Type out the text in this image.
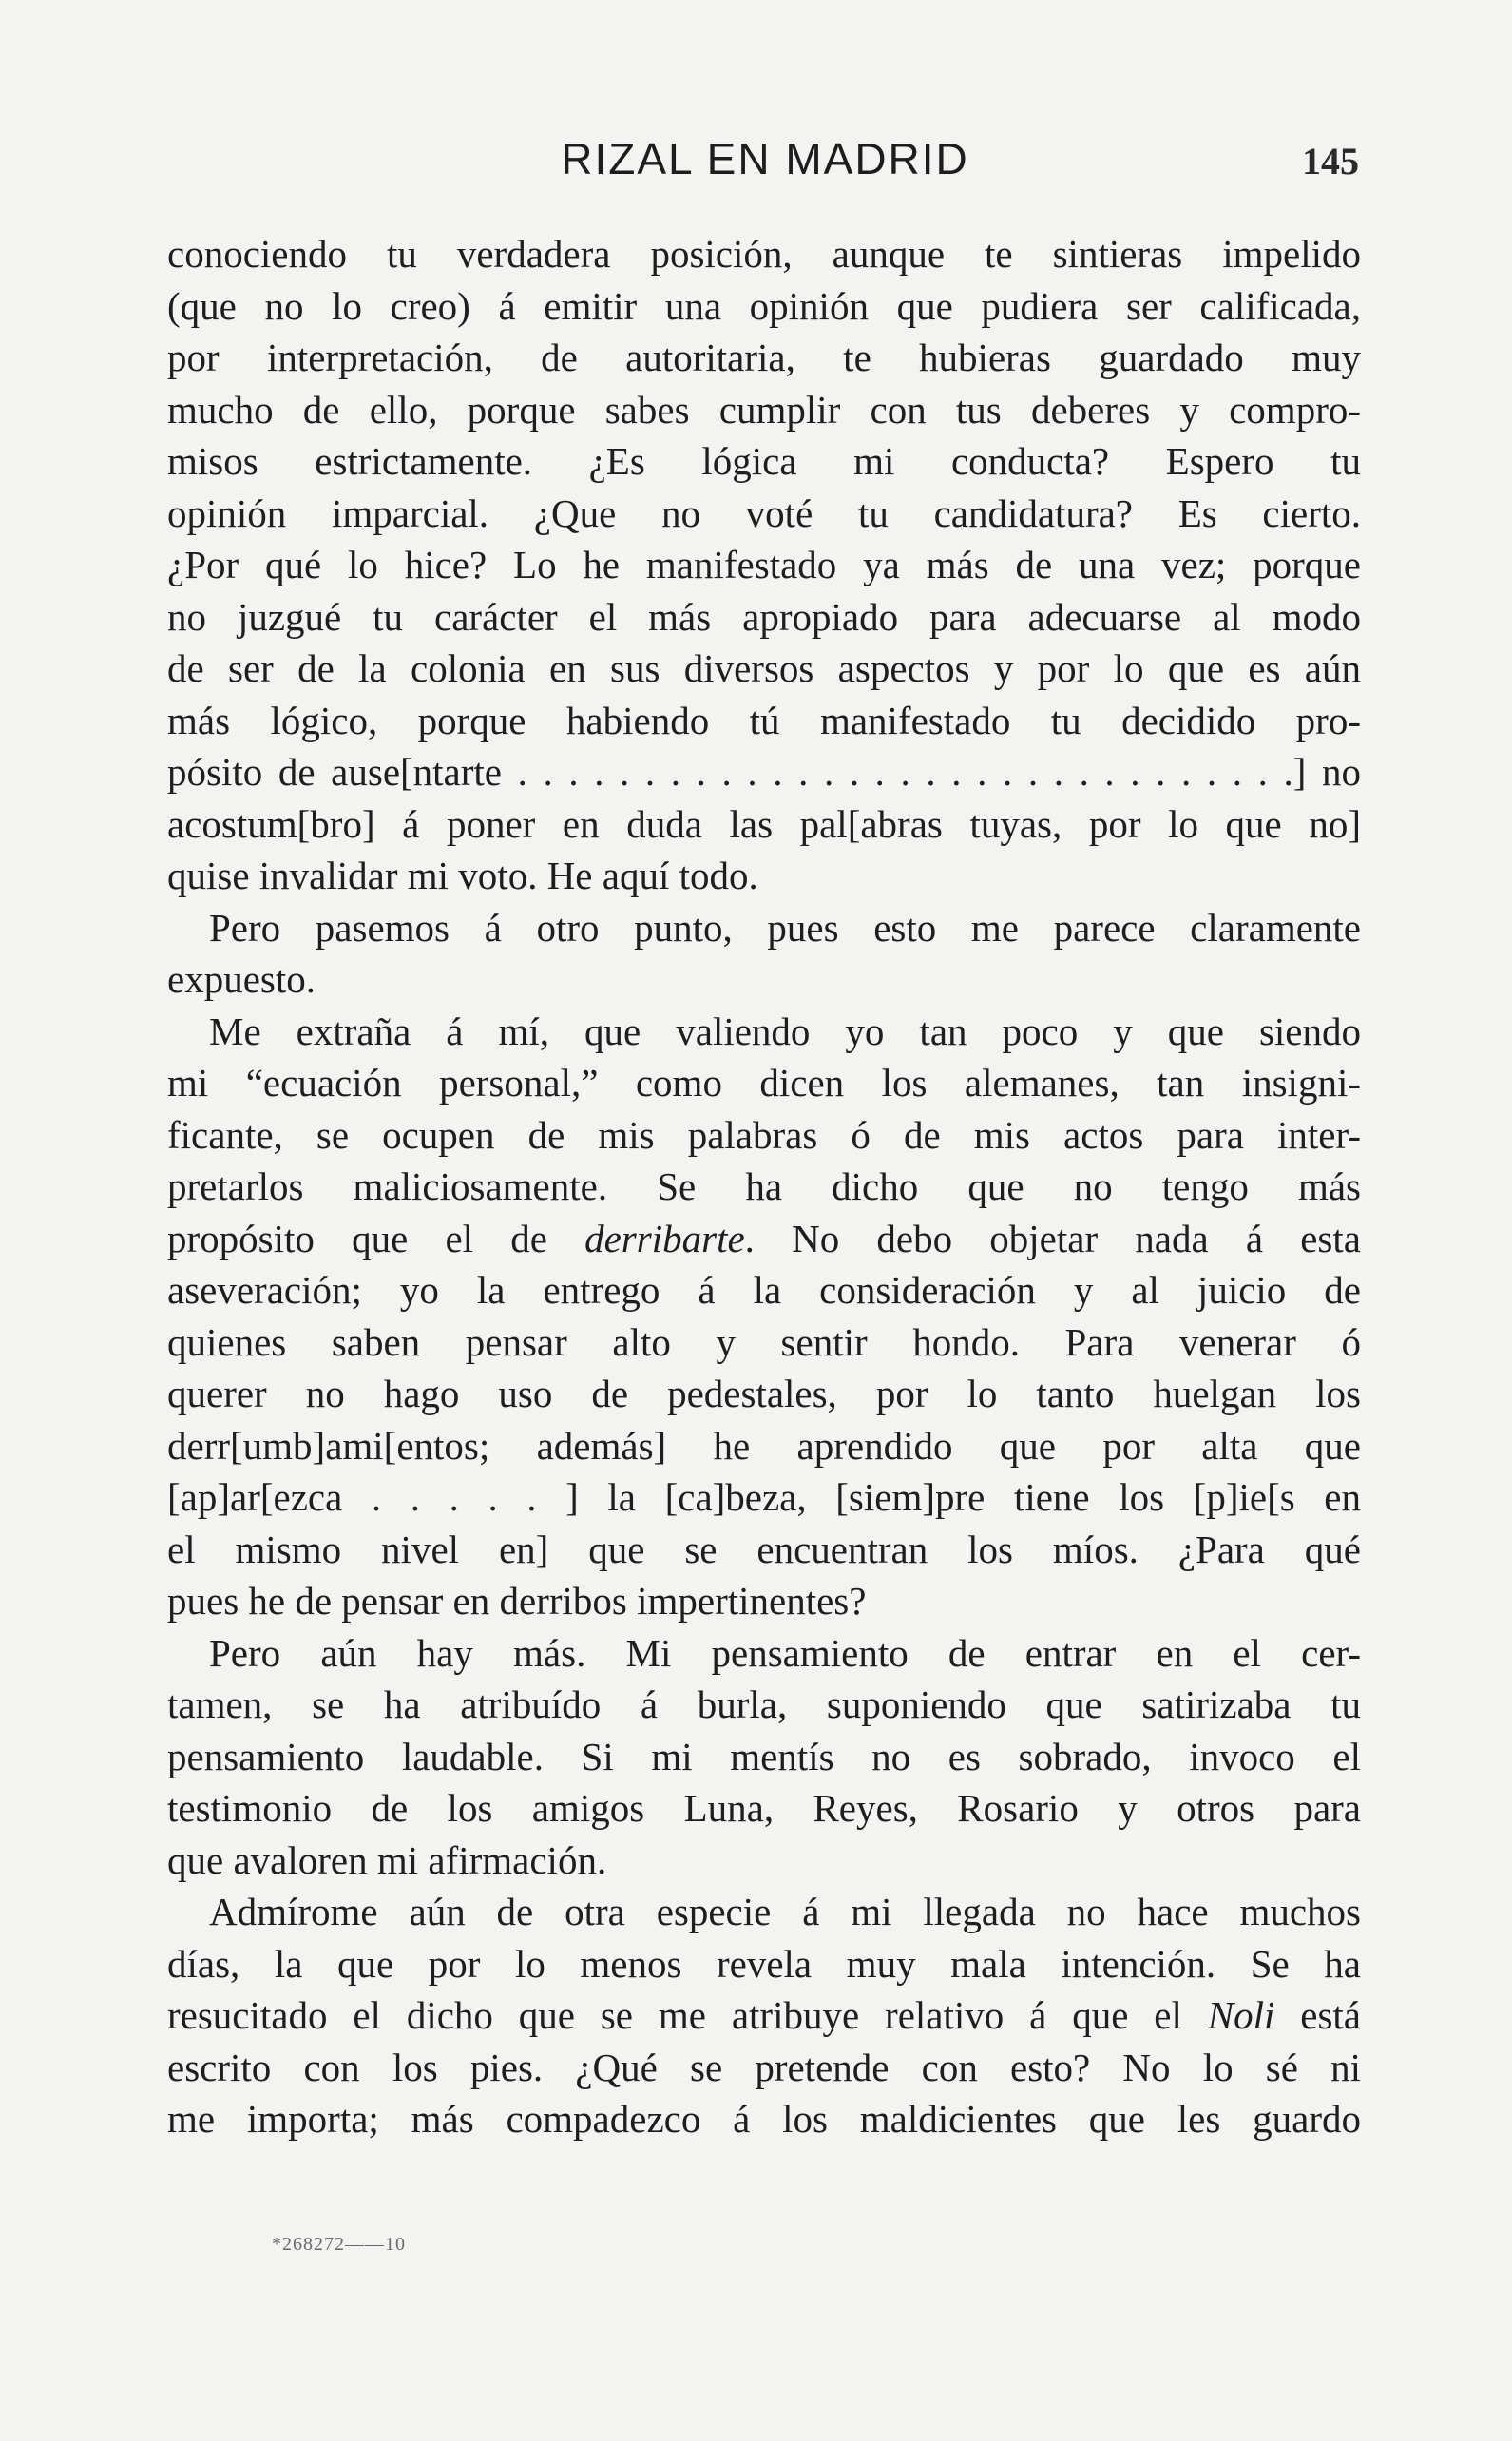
RIZAL EN MADRID	145
conociendo tu verdadera posición, aunque te sintieras impelido
(que no lo creo) á emitir una opinión que pudiera ser calificada,
por interpretación, de autoritaria, te hubieras guardado muy
mucho de ello, porque sabes cumplir con tus deberes y compro-
misos estrictamente. ¿Es lógica mi conducta? Espero tu
opinión imparcial. ¿Que no voté tu candidatura? Es cierto.
¿Por qué lo hice? Lo he manifestado ya más de una vez; porque
no juzgué tu carácter el más apropiado para adecuarse al modo
de ser de la colonia en sus diversos aspectos y por lo que es aún
más lógico, porque habiendo tú manifestado tu decidido pro-
pósito de ause[ntarte . . . . . . . . . . . . . . . . . . . . . . . . . . . . . . .] no
acostum[bro] á poner en duda las pal[abras tuyas, por lo que no]
quise invalidar mi voto. He aquí todo.
Pero pasemos á otro punto, pues esto me parece claramente
expuesto.
Me extraña á mí, que valiendo yo tan poco y que siendo
mi “ecuación personal,” como dicen los alemanes, tan insigni-
ficante, se ocupen de mis palabras ó de mis actos para inter-
pretarlos maliciosamente. Se ha dicho que no tengo más
propósito que el de derribarte. No debo objetar nada á esta
aseveración; yo la entrego á la consideración y al juicio de
quienes saben pensar alto y sentir hondo. Para venerar ó
querer no hago uso de pedestales, por lo tanto huelgan los
derr[umb]ami[entos; además] he aprendido que por alta que
[ap]ar[ezca . . . . . ] la [ca]beza, [siem]pre tiene los [p]ie[s en
el mismo nivel en] que se encuentran los míos. ¿Para qué
pues he de pensar en derribos impertinentes?
Pero aún hay más. Mi pensamiento de entrar en el cer-
tamen, se ha atribuído á burla, suponiendo que satirizaba tu
pensamiento laudable. Si mi mentís no es sobrado, invoco el
testimonio de los amigos Luna, Reyes, Rosario y otros para
que avaloren mi afirmación.
Admírome aún de otra especie á mi llegada no hace muchos
días, la que por lo menos revela muy mala intención. Se ha
resucitado el dicho que se me atribuye relativo á que el Noli está
escrito con los pies. ¿Qué se pretende con esto? No lo sé ni
me importa; más compadezco á los maldicientes que les guardo
*268272——10
